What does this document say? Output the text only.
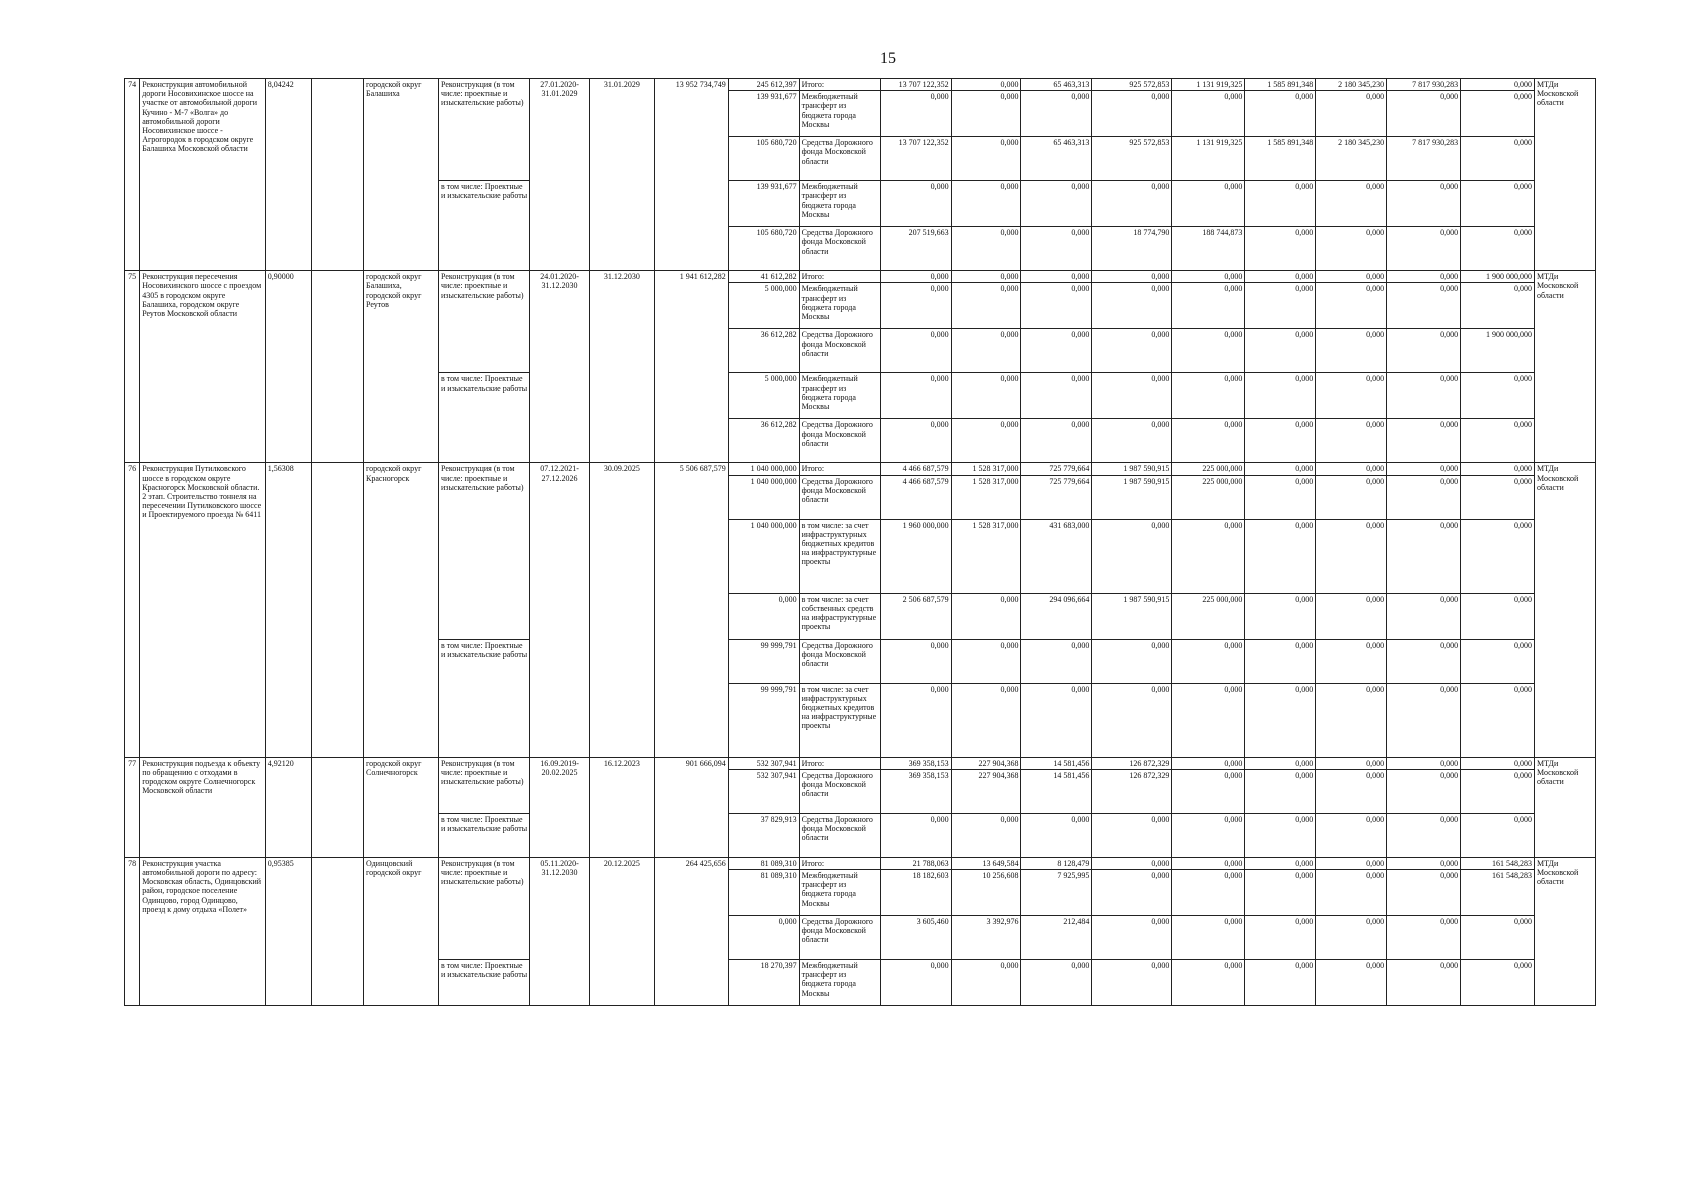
15
74	Реконструкция автомобильной дороги Носовихинское шоссе на участке от автомобильной дороги Кучино - М-7 «Волга» до автомобильной дороги Носовихинское шоссе - Агрогородок в городском округе Балашиха Московской области	8,04242		городской округ Балашиха	Реконструкция (в том числе: проектные и изыскательские работы)	27.01.2020-31.01.2029	31.01.2029	13 952 734,749	245 612,397	Итого:	13 707 122,352	0,000	65 463,313	925 572,853	1 131 919,325	1 585 891,348	2 180 345,230	7 817 930,283	0,000	МТДи Московской области
									139 931,677	Межбюджетный трансферт из бюджета города Москвы	0,000	0,000	0,000	0,000	0,000	0,000	0,000	0,000	0,000	
									105 680,720	Средства Дорожного фонда Московской области	13 707 122,352	0,000	65 463,313	925 572,853	1 131 919,325	1 585 891,348	2 180 345,230	7 817 930,283	0,000	
					в том числе: Проектные и изыскательские работы				139 931,677	Межбюджетный трансферт из бюджета города Москвы	0,000	0,000	0,000	0,000	0,000	0,000	0,000	0,000	0,000	
									105 680,720	Средства Дорожного фонда Московской области	207 519,663	0,000	0,000	18 774,790	188 744,873	0,000	0,000	0,000	0,000	
75	Реконструкция пересечения Носовихинского шоссе с проездом 4305 в городском округе Балашиха, городском округе Реутов Московской области	0,90000		городской округ Балашиха, городской округ Реутов	Реконструкция (в том числе: проектные и изыскательские работы)	24.01.2020-31.12.2030	31.12.2030	1 941 612,282	41 612,282	Итого:	0,000	0,000	0,000	0,000	0,000	0,000	0,000	0,000	1 900 000,000	МТДи Московской области
									5 000,000	Межбюджетный трансферт из бюджета города Москвы	0,000	0,000	0,000	0,000	0,000	0,000	0,000	0,000	0,000	
									36 612,282	Средства Дорожного фонда Московской области	0,000	0,000	0,000	0,000	0,000	0,000	0,000	0,000	1 900 000,000	
					в том числе: Проектные и изыскательские работы				5 000,000	Межбюджетный трансферт из бюджета города Москвы	0,000	0,000	0,000	0,000	0,000	0,000	0,000	0,000	0,000	
									36 612,282	Средства Дорожного фонда Московской области	0,000	0,000	0,000	0,000	0,000	0,000	0,000	0,000	0,000	
76	Реконструкция Путилковского шоссе в городском округе Красногорск Московской области. 2 этап. Строительство тоннеля на пересечении Путилковского шоссе и Проектируемого проезда № 6411	1,56308		городской округ Красногорск	Реконструкция (в том числе: проектные и изыскательские работы)	07.12.2021-27.12.2026	30.09.2025	5 506 687,579	1 040 000,000	Итого:	4 466 687,579	1 528 317,000	725 779,664	1 987 590,915	225 000,000	0,000	0,000	0,000	0,000	МТДи Московской области
									1 040 000,000	Средства Дорожного фонда Московской области	4 466 687,579	1 528 317,000	725 779,664	1 987 590,915	225 000,000	0,000	0,000	0,000	0,000	
									1 040 000,000	в том числе: за счет инфраструктурных бюджетных кредитов на инфраструктурные проекты	1 960 000,000	1 528 317,000	431 683,000	0,000	0,000	0,000	0,000	0,000	0,000	
									0,000	в том числе: за счет собственных средств на инфраструктурные проекты	2 506 687,579	0,000	294 096,664	1 987 590,915	225 000,000	0,000	0,000	0,000	0,000	
					в том числе: Проектные и изыскательские работы				99 999,791	Средства Дорожного фонда Московской области	0,000	0,000	0,000	0,000	0,000	0,000	0,000	0,000	0,000	
									99 999,791	в том числе: за счет инфраструктурных бюджетных кредитов на инфраструктурные проекты	0,000	0,000	0,000	0,000	0,000	0,000	0,000	0,000	0,000	
77	Реконструкция подъезда к объекту по обращению с отходами в городском округе Солнечногорск Московской области	4,92120		городской округ Солнечногорск	Реконструкция (в том числе: проектные и изыскательские работы)	16.09.2019-20.02.2025	16.12.2023	901 666,094	532 307,941	Итого:	369 358,153	227 904,368	14 581,456	126 872,329	0,000	0,000	0,000	0,000	0,000	МТДи Московской области
									532 307,941	Средства Дорожного фонда Московской области	369 358,153	227 904,368	14 581,456	126 872,329	0,000	0,000	0,000	0,000	0,000	
					в том числе: Проектные и изыскательские работы				37 829,913	Средства Дорожного фонда Московской области	0,000	0,000	0,000	0,000	0,000	0,000	0,000	0,000	0,000	
78	Реконструкция участка автомобильной дороги по адресу: Московская область, Одинцовский район, городское поселение Одинцово, город Одинцово, проезд к дому отдыха «Полет»	0,95385		Одинцовский городской округ	Реконструкция (в том числе: проектные и изыскательские работы)	05.11.2020-31.12.2030	20.12.2025	264 425,656	81 089,310	Итого:	21 788,063	13 649,584	8 128,479	0,000	0,000	0,000	0,000	0,000	161 548,283	МТДи Московской области
									81 089,310	Межбюджетный трансферт из бюджета города Москвы	18 182,603	10 256,608	7 925,995	0,000	0,000	0,000	0,000	0,000	161 548,283	
									0,000	Средства Дорожного фонда Московской области	3 605,460	3 392,976	212,484	0,000	0,000	0,000	0,000	0,000	0,000	
					в том числе: Проектные и изыскательские работы				18 270,397	Межбюджетный трансферт из бюджета города Москвы	0,000	0,000	0,000	0,000	0,000	0,000	0,000	0,000	0,000	
